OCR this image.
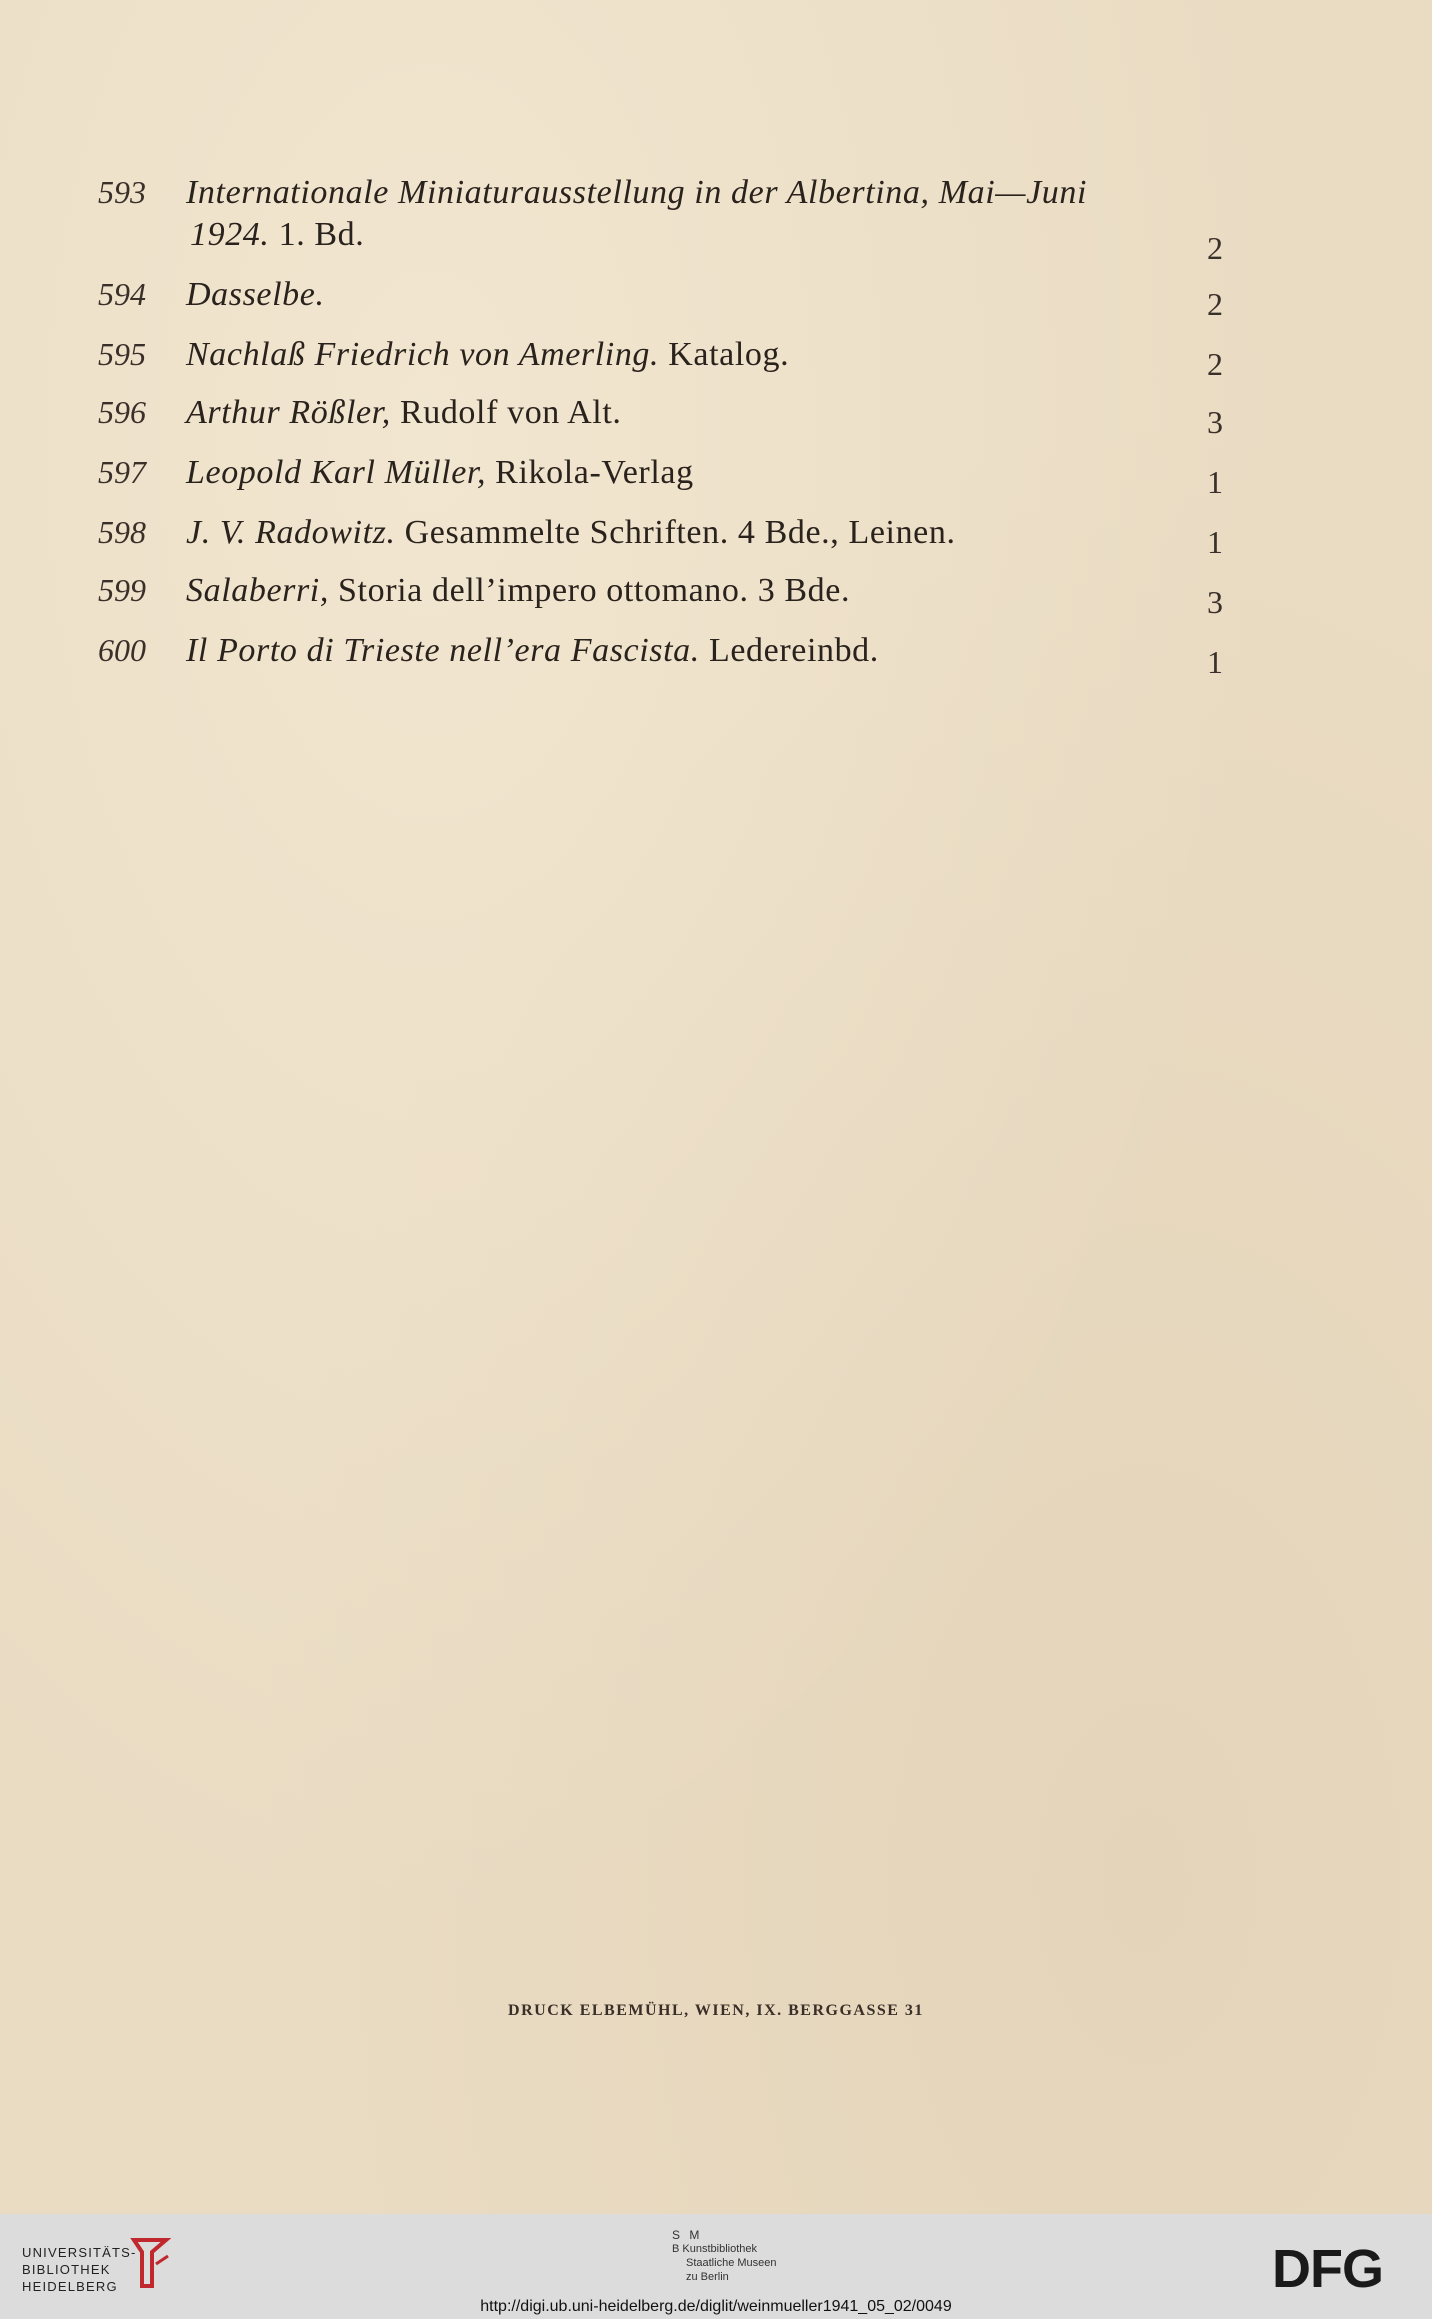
593 Internationale Miniaturausstellung in der Albertina, Mai—Juni
1924. 1. Bd.	2
594 Dasselbe.	2
595 Nachlaß Friedrich von Amerling. Katalog.	2
596 Arthur Rößler, Rudolf von Alt.	3
597 Leopold Karl Müller, Rikola-Verlag	1
598 J. V. Radowitz. Gesammelte Schriften. 4 Bde., Leinen.	1
599 Salaberri, Storia dell’impero ottomano. 3 Bde.	3
600 Il Porto di Trieste nell’era Fascista. Ledereinbd.	1
DRUCK ELBEMÜHL, WIEN, IX. BERGGASSE 31
UNIVERSITÄTS-
BIBLIOTHEK
HEIDELBERG
S M
B Kunstbibliothek
Staatliche Museen
zu Berlin	DFG
http://digi.ub.uni-heidelberg.de/diglit/weinmueller1941_05_02/0049
